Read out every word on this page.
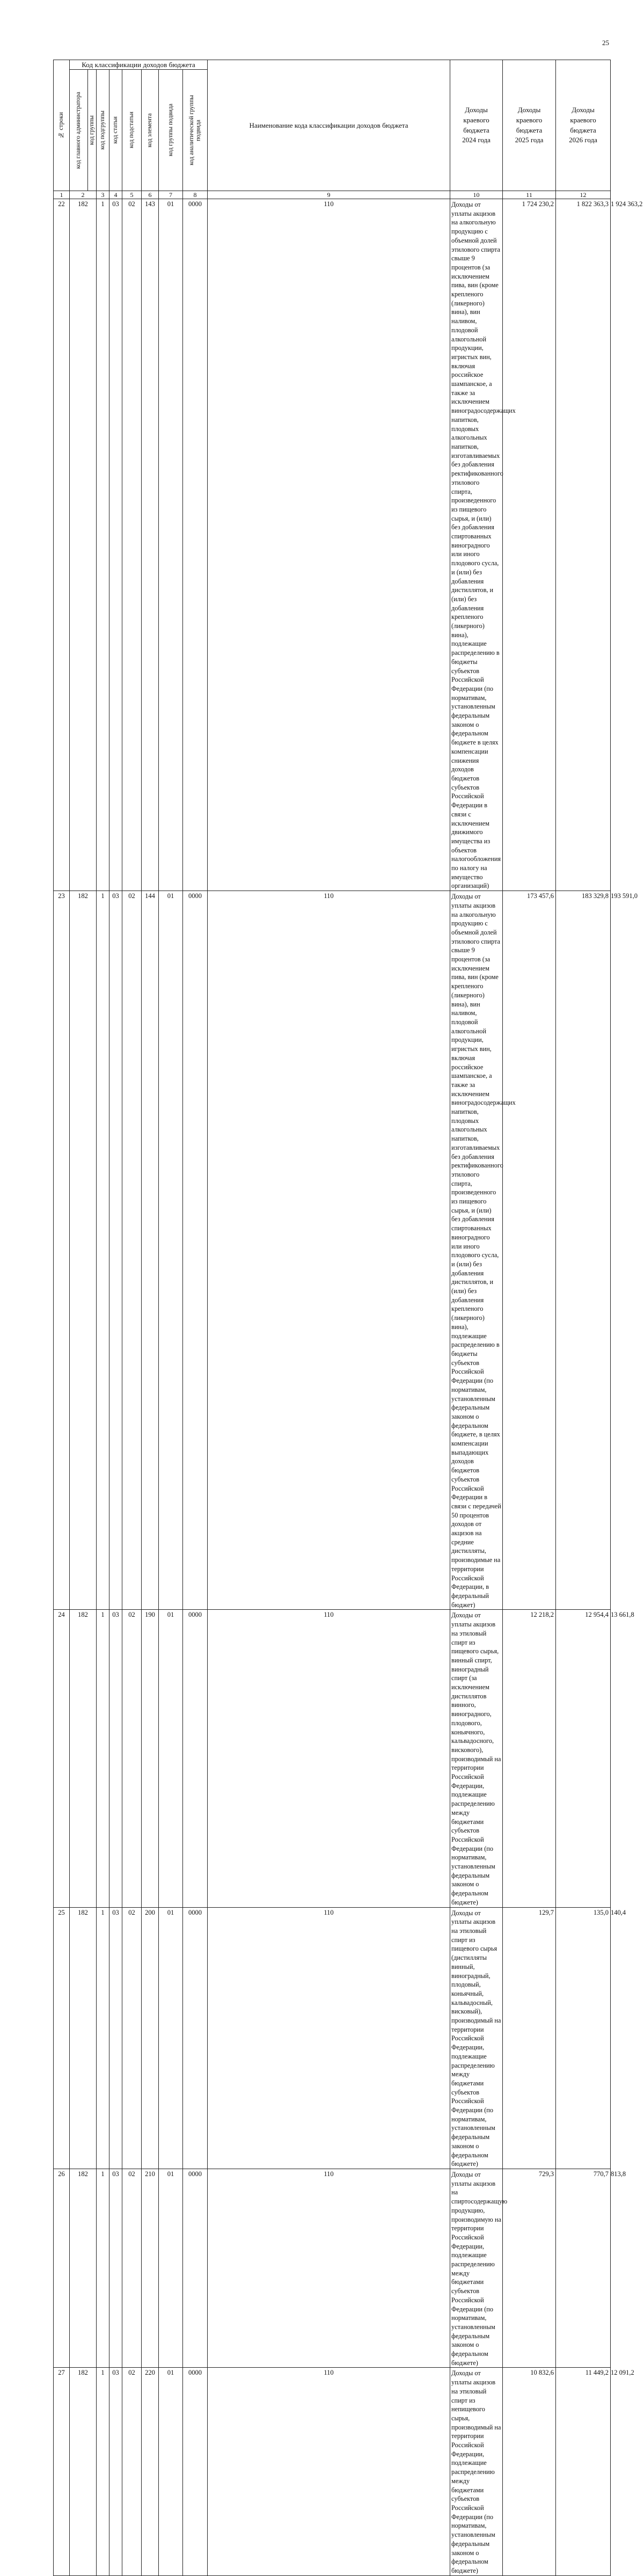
25
№ строки	Код классификации доходов бюджета								Наименование кода классификации доходов бюджета	Доходы
краевого
бюджета
2024 года	Доходы
краевого
бюджета
2025 года	Доходы
краевого
бюджета
2026 года	

	код главного администратора	код группы	код подгруппы	код статьи	код подстатьи	код элемента	код группы подвида	код аналитической группы подвида					

1	2		3	4	5	6	7	8	9	10	11	12	
22	182		1	03	02	143	01	0000	110	Доходы от уплаты акцизов на алкогольную продукцию с объемной долей этилового спирта свыше 9 процентов (за исключением пива, вин (кроме крепленого (ликерного) вина), вин наливом, плодовой алкогольной продукции, игристых вин, включая российское шампанское, а также за исключением виноградосодержащих напитков, плодовых алкогольных напитков, изготавливаемых без добавления ректификованного этилового спирта, произведенного из пищевого сырья, и (или) без добавления спиртованных виноградного или иного плодового сусла, и (или) без добавления дистиллятов, и (или) без добавления крепленого (ликерного) вина), подлежащие распределению в бюджеты субъектов Российской Федерации (по нормативам, установленным федеральным законом о федеральном бюджете в целях компенсации снижения доходов бюджетов субъектов Российской Федерации в связи с исключением движимого имущества из объектов налогообложения по налогу на имущество организаций)	1 724 230,2	1 822 363,3	1 924 363,2
23	182		1	03	02	144	01	0000	110	Доходы от уплаты акцизов на алкогольную продукцию с объемной долей этилового спирта свыше 9 процентов (за исключением пива, вин (кроме крепленого (ликерного) вина), вин наливом, плодовой алкогольной продукции, игристых вин, включая российское шампанское, а также за исключением виноградосодержащих напитков, плодовых алкогольных напитков, изготавливаемых без добавления ректификованного этилового спирта, произведенного из пищевого сырья, и (или) без добавления спиртованных виноградного или иного плодового сусла, и (или) без добавления дистиллятов, и (или) без добавления крепленого (ликерного) вина), подлежащие распределению в бюджеты субъектов Российской Федерации (по нормативам, установленным федеральным законом о федеральном бюджете, в целях компенсации выпадающих доходов бюджетов субъектов Российской Федерации в связи с передачей 50 процентов доходов от акцизов на средние дистилляты, производимые на территории Российской Федерации, в федеральный бюджет)	173 457,6	183 329,8	193 591,0
24	182		1	03	02	190	01	0000	110	Доходы от уплаты акцизов на этиловый спирт из пищевого сырья, винный спирт, виноградный спирт (за исключением дистиллятов винного, виноградного, плодового, коньячного, кальвадосного, вискового), производимый на территории Российской Федерации, подлежащие распределению между бюджетами субъектов Российской Федерации (по нормативам, установленным федеральным законом о федеральном бюджете)	12 218,2	12 954,4	13 661,8
25	182		1	03	02	200	01	0000	110	Доходы от уплаты акцизов на этиловый спирт из пищевого сырья (дистилляты винный, виноградный, плодовый, коньячный, кальвадосный, висковый), производимый на территории Российской Федерации, подлежащие распределению между бюджетами субъектов Российской Федерации (по нормативам, установленным федеральным законом о федеральном бюджете)	129,7	135,0	140,4
26	182		1	03	02	210	01	0000	110	Доходы от уплаты акцизов на спиртосодержащую продукцию, производимую на территории Российской Федерации, подлежащие распределению между бюджетами субъектов Российской Федерации (по нормативам, установленным федеральным законом о федеральном бюджете)	729,3	770,7	813,8
27	182		1	03	02	220	01	0000	110	Доходы от уплаты акцизов на этиловый спирт из непищевого сырья, производимый на территории Российской Федерации, подлежащие распределению между бюджетами субъектов Российской Федерации (по нормативам, установленным федеральным законом о федеральном бюджете)	10 832,6	11 449,2	12 091,2
